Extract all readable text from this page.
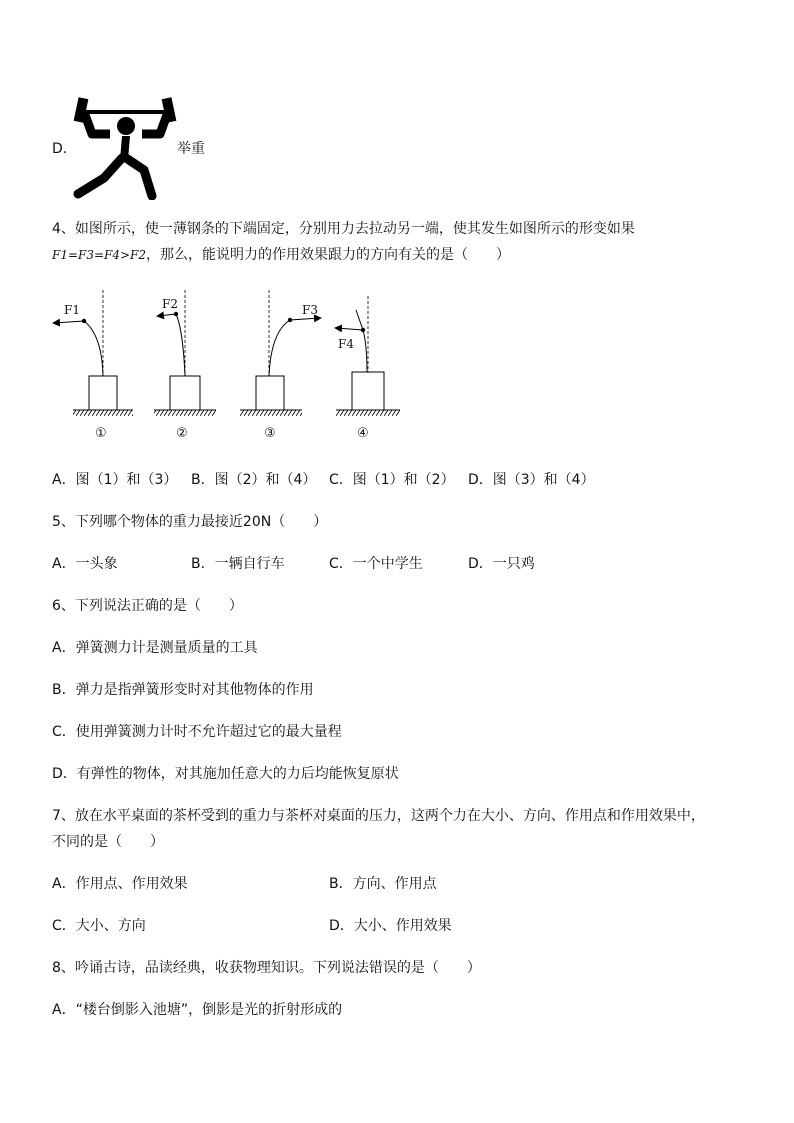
D.	举重
4、如图所示，使一薄钢条的下端固定，分别用力去拉动另一端，使其发生如图所示的形变如果
F1=F3=F4>F2，那么，能说明力的作用效果跟力的方向有关的是（　　）
F1	F2	F3
F4
①	②	③	④
A．图（1）和（3） B．图（2）和（4） C．图（1）和（2） D．图（3）和（4）
5、下列哪个物体的重力最接近20N（　　）
A．一头象	B．一辆自行车	C．一个中学生	D．一只鸡
6、下列说法正确的是（　　）
A．弹簧测力计是测量质量的工具
B．弹力是指弹簧形变时对其他物体的作用
C．使用弹簧测力计时不允许超过它的最大量程
D．有弹性的物体，对其施加任意大的力后均能恢复原状
7、放在水平桌面的茶杯受到的重力与茶杯对桌面的压力，这两个力在大小、方向、作用点和作用效果中，
不同的是（　　）
A．作用点、作用效果	B．方向、作用点
C．大小、方向	D．大小、作用效果
8、吟诵古诗，品读经典，收获物理知识。下列说法错误的是（　　）
A．“楼台倒影入池塘”，倒影是光的折射形成的
